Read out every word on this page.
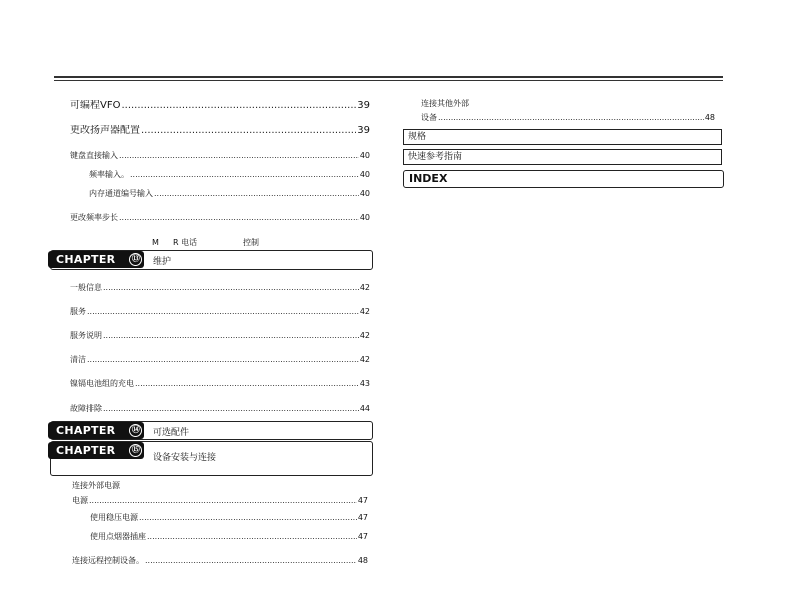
可编程VFO .....	39
更改扬声器配置 .....	39
键盘直接输入 .....	40
频率输入。 .....	40
内存通道编号输入 .....	40
更改频率步长 .....	40
M R 电话	控制
CHAPTER ⑬ 维护
一般信息 .....	42
服务 .....	42
服务说明 .....	42
清洁 .....	42
镍镉电池组的充电 .....	43
故障排除 .....	44
CHAPTER ⑭ 可选配件
CHAPTER ⑮
设备安装与连接
连接外部电源
电源 .....	47
使用稳压电源 .....	47
使用点烟器插座 .....	47
连接远程控制设备。 .....	48
连接其他外部
设备 .....	48
规格
快速参考指南
INDEX
